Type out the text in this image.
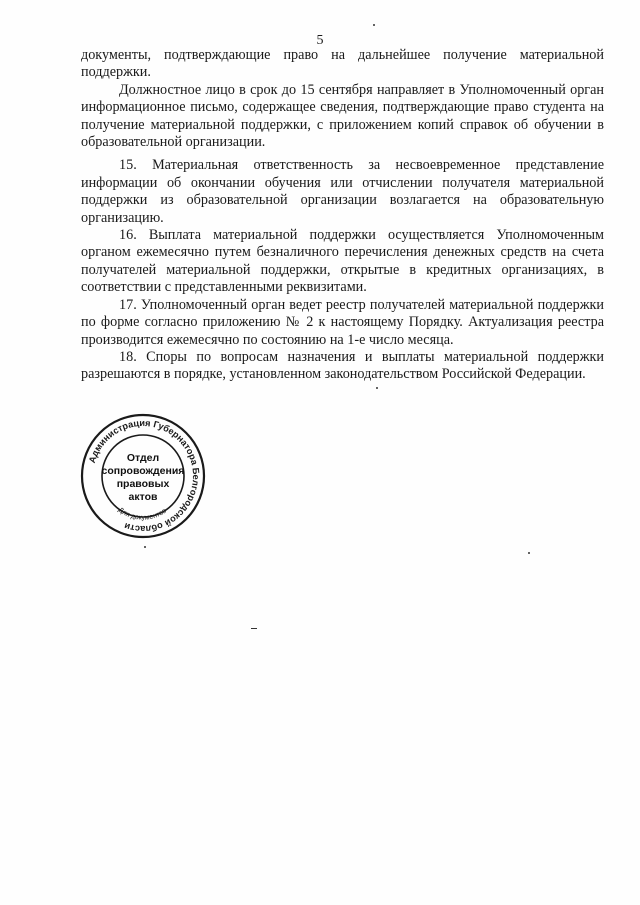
5

документы, подтверждающие право на дальнейшее получение материальной поддержки.

Должностное лицо в срок до 15 сентября направляет в Уполномоченный орган информационное письмо, содержащее сведения, подтверждающие право студента на получение материальной поддержки, с приложением копий справок об обучении в образовательной организации.

15. Материальная ответственность за несвоевременное представление информации об окончании обучения или отчислении получателя материальной поддержки из образовательной организации возлагается на образовательную организацию.

16. Выплата материальной поддержки осуществляется Уполномоченным органом ежемесячно путем безналичного перечисления денежных средств на счета получателей материальной поддержки, открытые в кредитных организациях, в соответствии с представленными реквизитами.

17. Уполномоченный орган ведет реестр получателей материальной поддержки по форме согласно приложению № 2 к настоящему Порядку. Актуализация реестра производится ежемесячно по состоянию на 1-е число месяца.

18. Споры по вопросам назначения и выплаты материальной поддержки разрешаются в порядке, установленном законодательством Российской Федерации.

Администрация Губернатора Белгородской области
Для документов
Отдел
сопровождения
правовых
актов
